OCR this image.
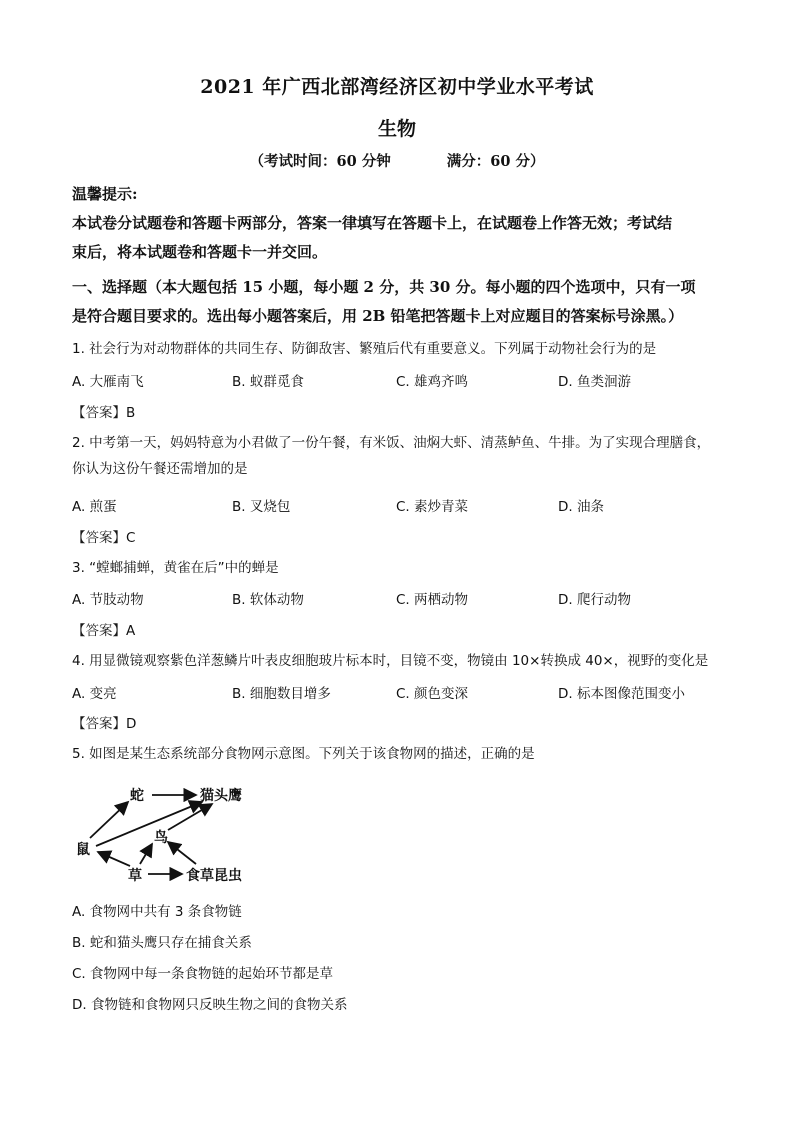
2021 年广西北部湾经济区初中学业水平考试
生物
（考试时间：60 分钟	满分：60 分）
温馨提示:
本试卷分试题卷和答题卡两部分，答案一律填写在答题卡上，在试题卷上作答无效；考试结
束后，将本试题卷和答题卡一并交回。
一、选择题（本大题包括 15 小题，每小题 2 分，共 30 分。每小题的四个选项中，只有一项
是符合题目要求的。选出每小题答案后，用 2B 铅笔把答题卡上对应题目的答案标号涂黑。）
1. 社会行为对动物群体的共同生存、防御敌害、繁殖后代有重要意义。下列属于动物社会行为的是
A. 大雁南飞	B. 蚁群觅食	C. 雄鸡齐鸣	D. 鱼类洄游
【答案】B
2. 中考第一天，妈妈特意为小君做了一份午餐，有米饭、油焖大虾、清蒸鲈鱼、牛排。为了实现合理膳食，
你认为这份午餐还需增加的是
A. 煎蛋	B. 叉烧包	C. 素炒青菜	D. 油条
【答案】C
3. “螳螂捕蝉，黄雀在后”中的蝉是
A. 节肢动物	B. 软体动物	C. 两栖动物	D. 爬行动物
【答案】A
4. 用显微镜观察紫色洋葱鳞片叶表皮细胞玻片标本时，目镜不变，物镜由 10×转换成 40×，视野的变化是
A. 变亮	B. 细胞数目增多	C. 颜色变深	D. 标本图像范围变小
【答案】D
5. 如图是某生态系统部分食物网示意图。下列关于该食物网的描述，正确的是
蛇	猫头鹰
鸟
鼠
草	食草昆虫
A. 食物网中共有 3 条食物链
B. 蛇和猫头鹰只存在捕食关系
C. 食物网中每一条食物链的起始环节都是草
D. 食物链和食物网只反映生物之间的食物关系
